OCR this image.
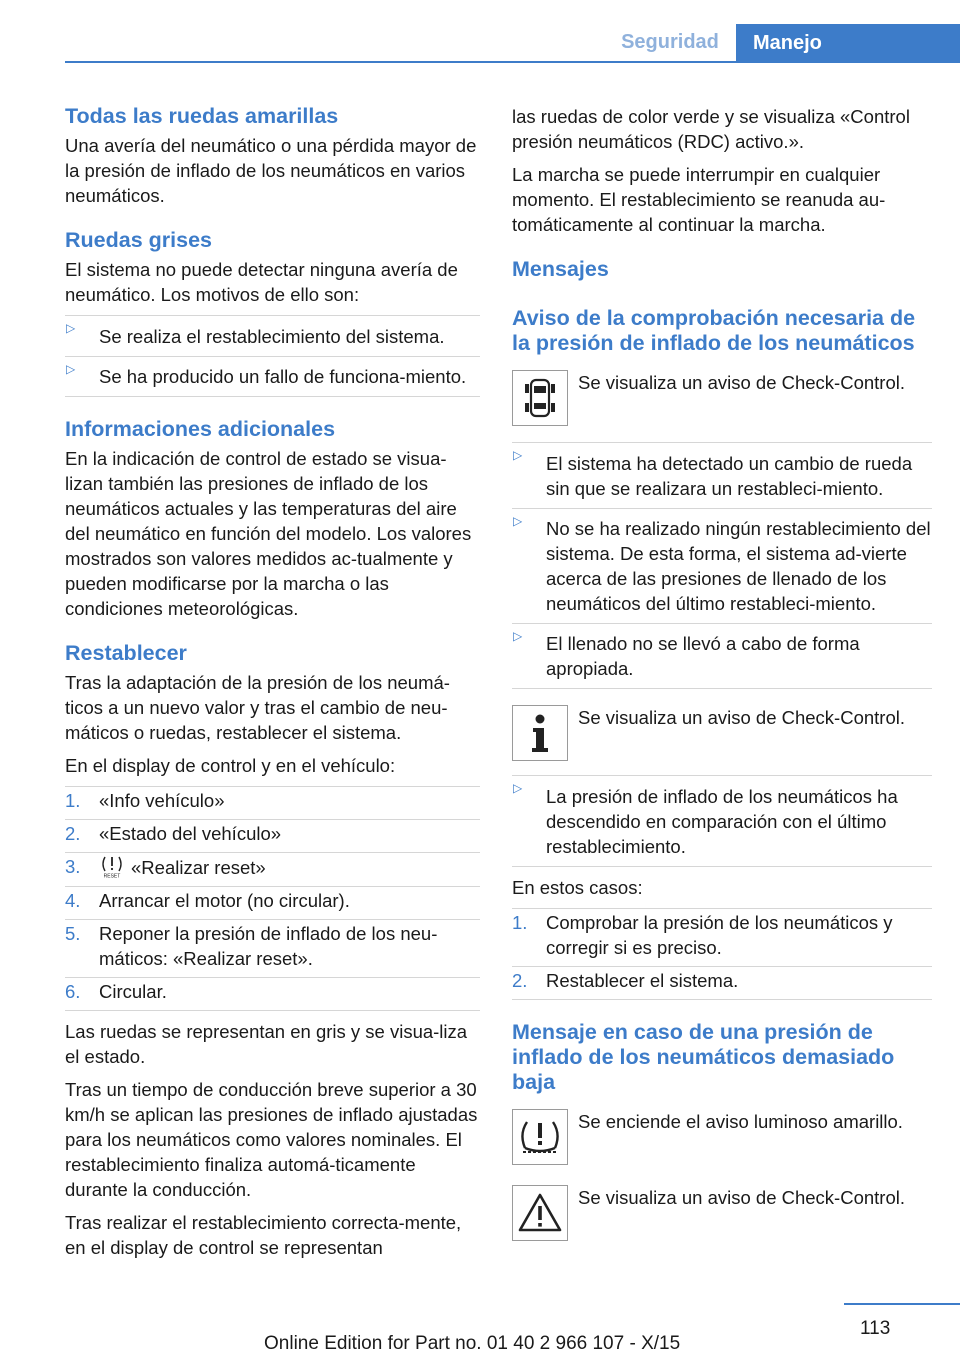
Seguridad	Manejo
Todas las ruedas amarillas

Una avería del neumático o una pérdida mayor de la presión de inflado de los neumáticos en varios neumáticos.

Ruedas grises

El sistema no puede detectar ninguna avería de neumático. Los motivos de ello son:

▷ Se realiza el restablecimiento del sistema.
▷ Se ha producido un fallo de funciona-miento.
Informaciones adicionales

En la indicación de control de estado se visua-lizan también las presiones de inflado de los neumáticos actuales y las temperaturas del aire del neumático en función del modelo. Los valores mostrados son valores medidos ac-tualmente y pueden modificarse por la marcha o las condiciones meteorológicas.

Restablecer

Tras la adaptación de la presión de los neumá-ticos a un nuevo valor y tras el cambio de neu-máticos o ruedas, restablecer el sistema.

En el display de control y en el vehículo:

1. «Info vehículo»
2. «Estado del vehículo»
3.	RESET «Realizar reset»
4. Arrancar el motor (no circular).
5. Reponer la presión de inflado de los neu-máticos: «Realizar reset».
6. Circular.

Las ruedas se representan en gris y se visua-liza el estado.

Tras un tiempo de conducción breve superior a 30 km/h se aplican las presiones de inflado ajustadas para los neumáticos como valores nominales. El restablecimiento finaliza automá-ticamente durante la conducción.

Tras realizar el restablecimiento correcta-mente, en el display de control se representan

las ruedas de color verde y se visualiza «Control presión neumáticos (RDC) activo.».

La marcha se puede interrumpir en cualquier momento. El restablecimiento se reanuda au-tomáticamente al continuar la marcha.

Mensajes
Aviso de la comprobación necesaria de la presión de inflado de los neumáticos

Se visualiza un aviso de Check-Control.

▷ El sistema ha detectado un cambio de rueda sin que se realizara un restableci-miento.
▷ No se ha realizado ningún restablecimiento del sistema. De esta forma, el sistema ad-vierte acerca de las presiones de llenado de los neumáticos del último restableci-miento.
▷ El llenado no se llevó a cabo de forma apropiada.

Se visualiza un aviso de Check-Control.

▷ La presión de inflado de los neumáticos ha descendido en comparación con el último restablecimiento.

En estos casos:

1. Comprobar la presión de los neumáticos y corregir si es preciso.
2. Restablecer el sistema.
Mensaje en caso de una presión de inflado de los neumáticos demasiado baja

Se enciende el aviso luminoso amarillo.

Se visualiza un aviso de Check-Control.

113
Online Edition for Part no. 01 40 2 966 107 - X/15
